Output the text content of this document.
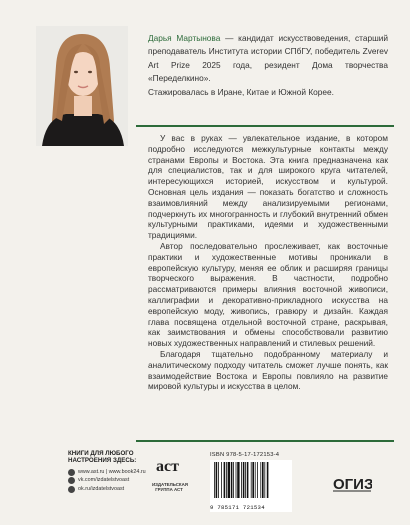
Дарья Мартынова — кандидат искусствоведения, старший преподаватель Института истории СПбГУ, победитель Zverev Art Prize 2025 года, резидент Дома творчества «Переделкино».

Стажировалась в Иране, Китае и Южной Корее.

У вас в руках — увлекательное издание, в котором подробно исследуются межкультурные контакты между странами Европы и Востока. Эта книга предназначена как для специалистов, так и для широкого круга читателей, интересующихся историей, искусством и культурой. Основная цель издания — показать богатство и сложность взаимовлияний между анализируемыми регионами, подчеркнуть их многогранность и глубокий внутренний обмен культурными практиками, идеями и художественными традициями.

Автор последовательно прослеживает, как восточные практики и художественные мотивы проникали в европейскую культуру, меняя ее облик и расширяя границы творческого выражения. В частности, подробно рассматриваются примеры влияния восточной живописи, каллиграфии и декоративно-прикладного искусства на европейскую моду, живопись, гравюру и дизайн. Каждая глава посвящена отдельной восточной стране, раскрывая, как заимствования и обмены способствовали развитию новых художественных направлений и стилевых решений.

Благодаря тщательно подобранному материалу и аналитическому подходу читатель сможет лучше понять, как взаимодействие Востока и Европы повлияло на развитие мировой культуры и искусства в целом.

КНИГИ ДЛЯ ЛЮБОГО НАСТРОЕНИЯ ЗДЕСЬ:
www.ast.ru | www.book24.ru
vk.com/izdatelstvoast
ok.ru/izdatelstvoast
аст
ИЗДАТЕЛЬСКАЯ ГРУППА АСТ
ISBN 978-5-17-172153-4
9 785171 721534
ОГИЗ
